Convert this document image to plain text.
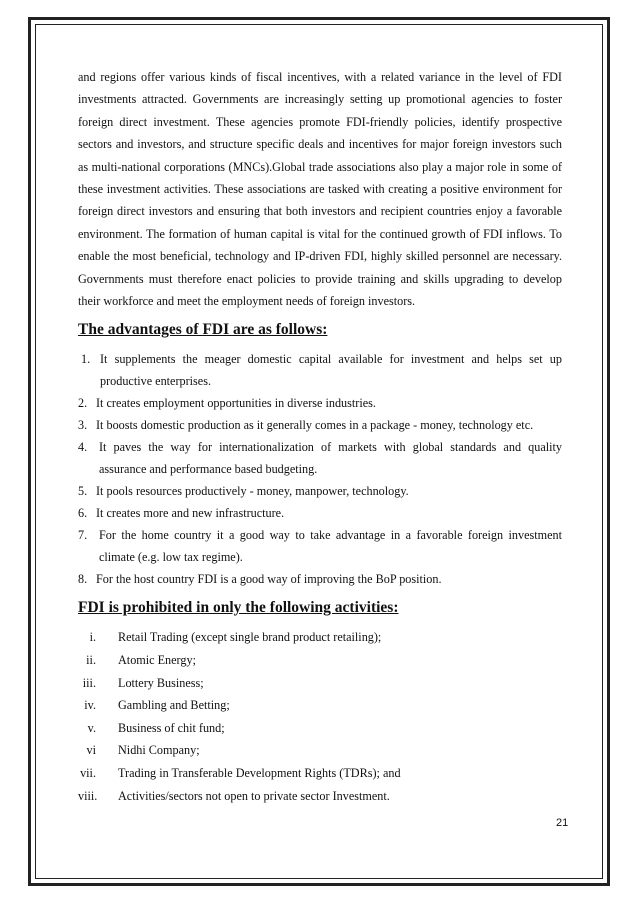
and regions offer various kinds of fiscal incentives, with a related variance in the level of FDI investments attracted. Governments are increasingly setting up promotional agencies to foster foreign direct investment. These agencies promote FDI-friendly policies, identify prospective sectors and investors, and structure specific deals and incentives for major foreign investors such as multi-national corporations (MNCs).Global trade associations also play a major role in some of these investment activities. These associations are tasked with creating a positive environment for foreign direct investors and ensuring that both investors and recipient countries enjoy a favorable environment. The formation of human capital is vital for the continued growth of FDI inflows. To enable the most beneficial, technology and IP-driven FDI, highly skilled personnel are necessary. Governments must therefore enact policies to provide training and skills upgrading to develop their workforce and meet the employment needs of foreign investors.

The advantages of FDI are as follows:

1. It supplements the meager domestic capital available for investment and helps set up productive enterprises.

2. It creates employment opportunities in diverse industries.

3. It boosts domestic production as it generally comes in a package - money, technology etc.

4. It paves the way for internationalization of markets with global standards and quality assurance and performance based budgeting.

5. It pools resources productively - money, manpower, technology.

6. It creates more and new infrastructure.

7. For the home country it a good way to take advantage in a favorable foreign investment climate (e.g. low tax regime).

8. For the host country FDI is a good way of improving the BoP position.

FDI is prohibited in only the following activities:
i. Retail Trading (except single brand product retailing);
ii. Atomic Energy;
iii. Lottery Business;
iv. Gambling and Betting;
v. Business of chit fund;
vi Nidhi Company;
vii. Trading in Transferable Development Rights (TDRs); and
viii. Activities/sectors not open to private sector Investment.
21
